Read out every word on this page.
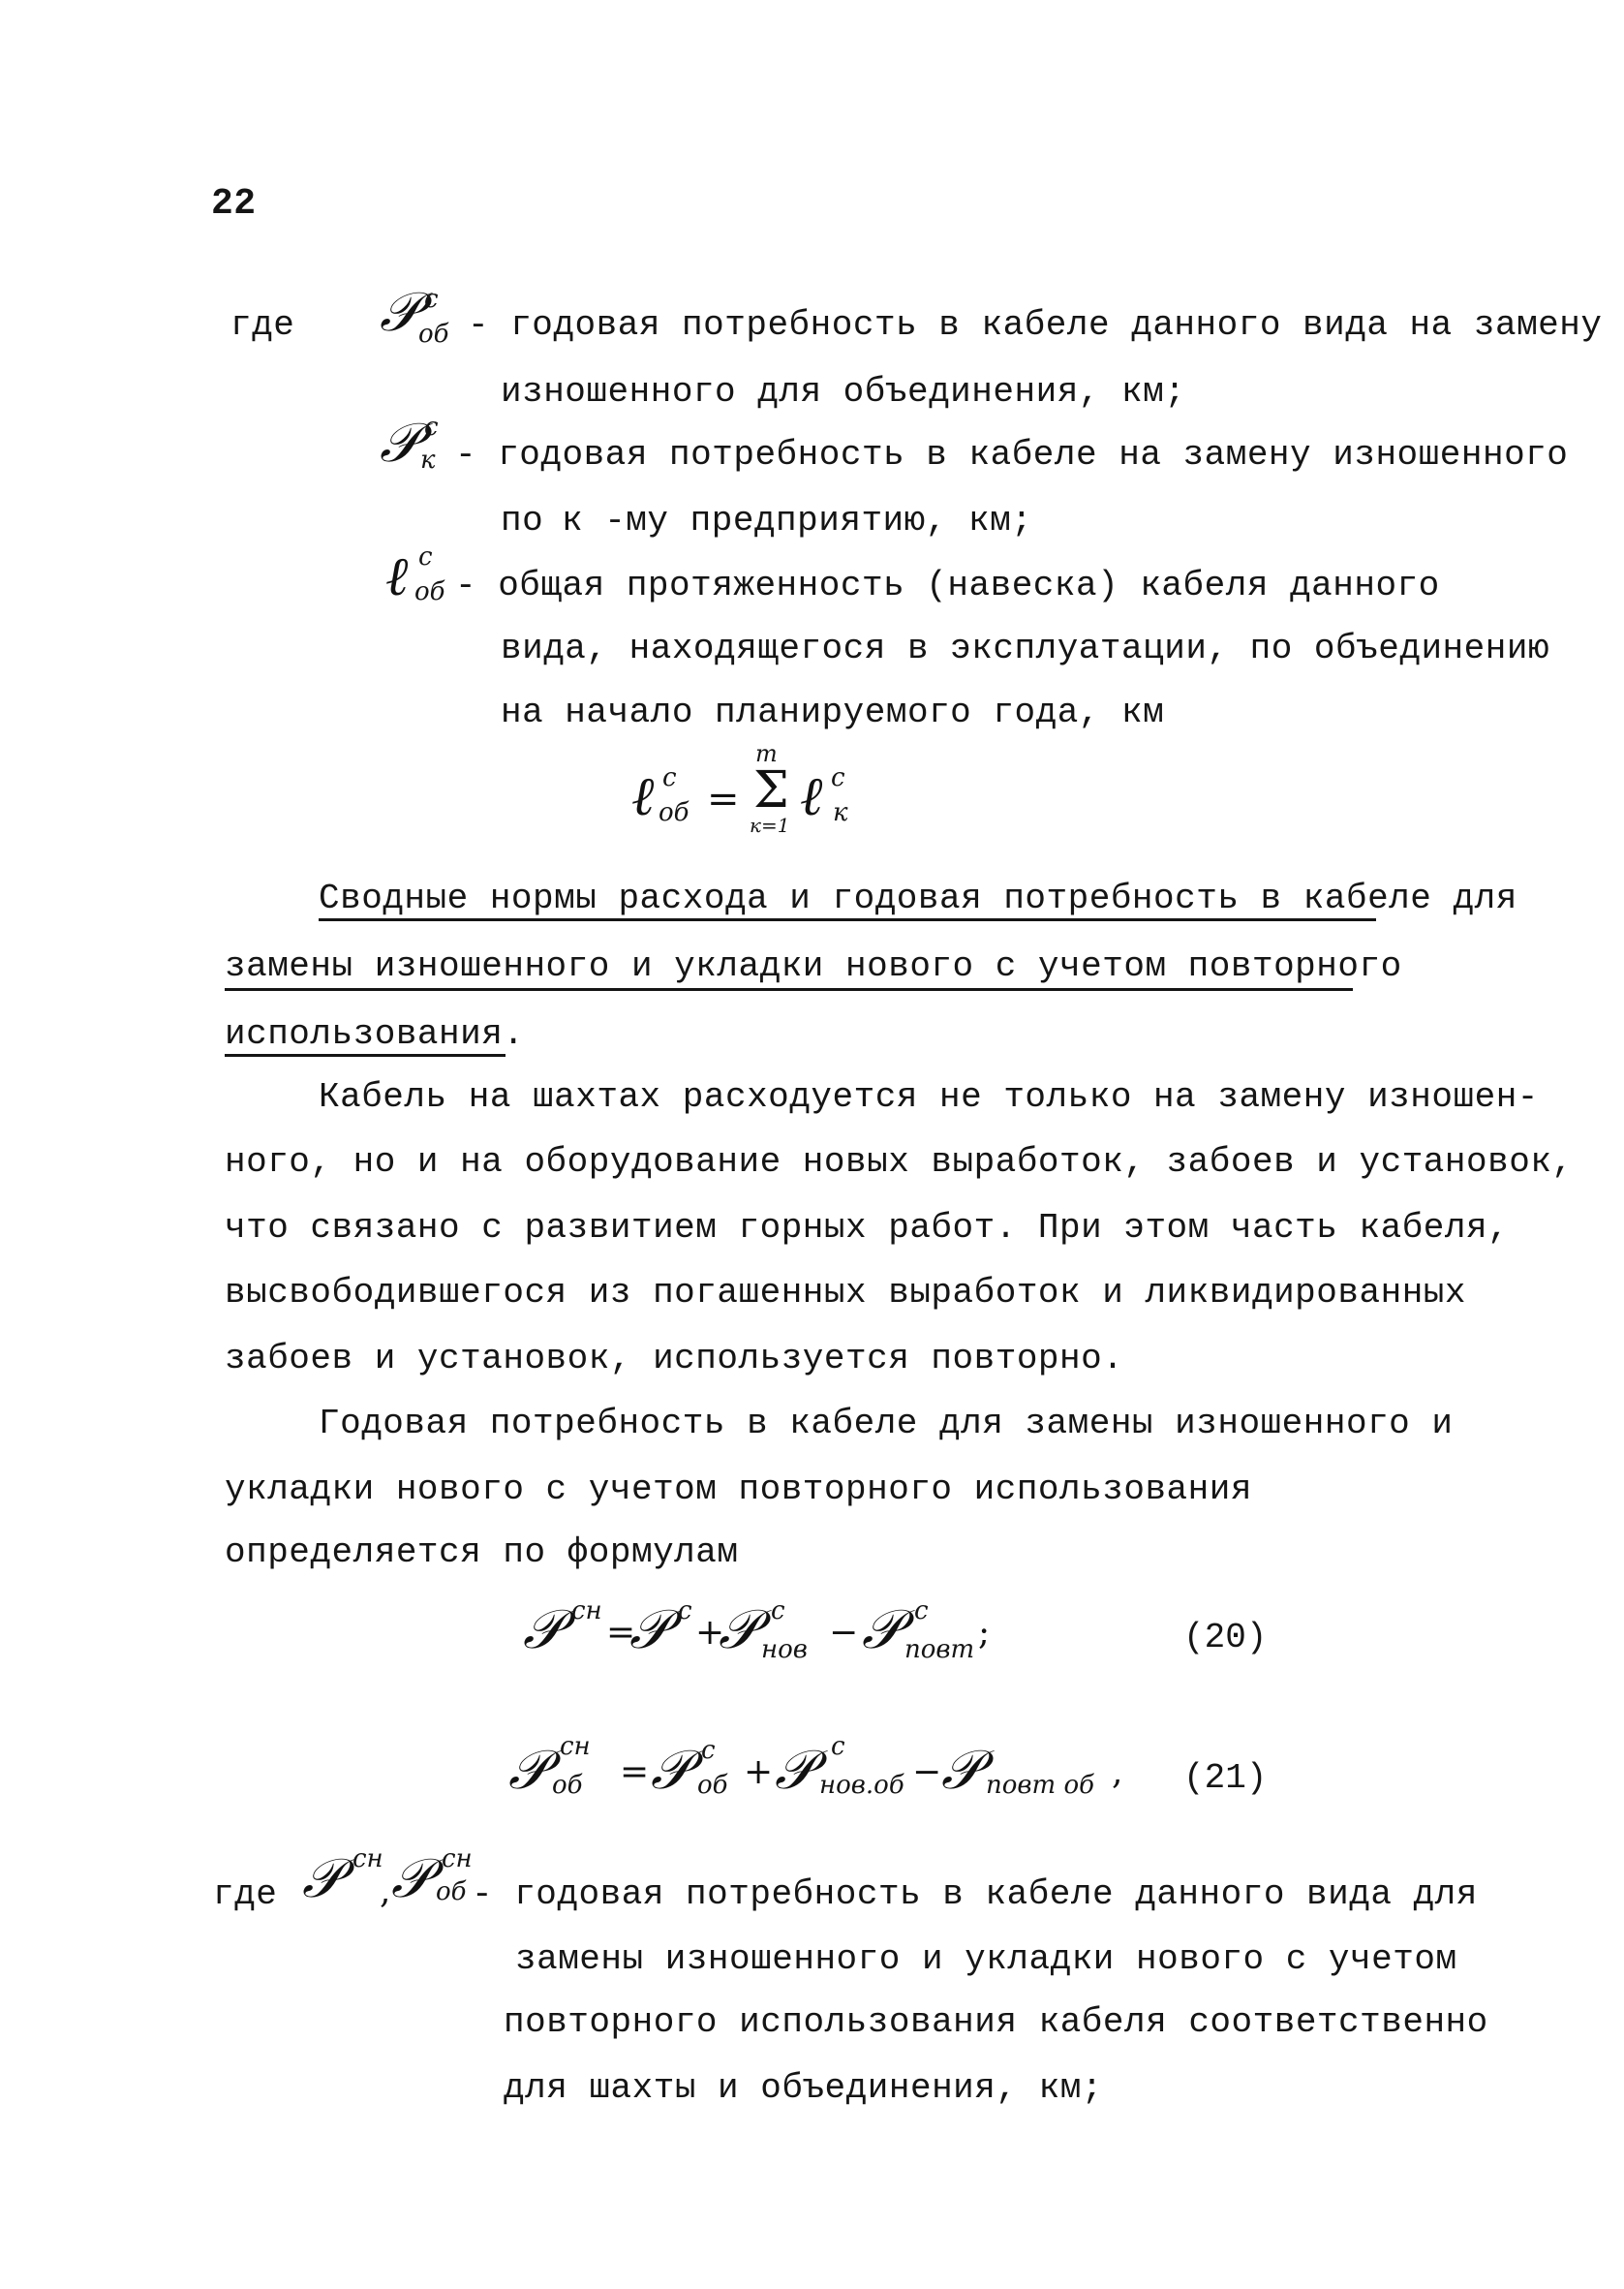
22
где 𝒫 c
об - годовая потребность в кабеле данного вида на замену
изношенного для объединения, км;
𝒫 c
к - годовая потребность в кабеле на замену изношенного
по к -му предприятию, км;
ℓ c
об - общая протяженность (навеска) кабеля данного
вида, находящегося в эксплуатации, по объединению
на начало планируемого года, км
ℓ c
об = Σ
m
к=1 ℓ c
к
Сводные нормы расхода и годовая потребность в кабеле для
замены изношенного и укладки нового с учетом повторного
использования.
Кабель на шахтах расходуется не только на замену изношен-
ного, но и на оборудование новых выработок, забоев и установок,
что связано с развитием горных работ. При этом часть кабеля,
высвободившегося из погашенных выработок и ликвидированных
забоев и установок, используется повторно.
Годовая потребность в кабеле для замены изношенного и
укладки нового с учетом повторного использования
определяется по формулам
𝒫 сн
=
𝒫 c
+
𝒫 c
нов − 𝒫 c
повт ;	(20)
𝒫 сн
об = 𝒫 c
об + 𝒫 c
нов.об − 𝒫 повт об , (21)
где 𝒫 сн
, 𝒫 сн
об - годовая потребность в кабеле данного вида для
замены изношенного и укладки нового с учетом
повторного использования кабеля соответственно
для шахты и объединения, км;
